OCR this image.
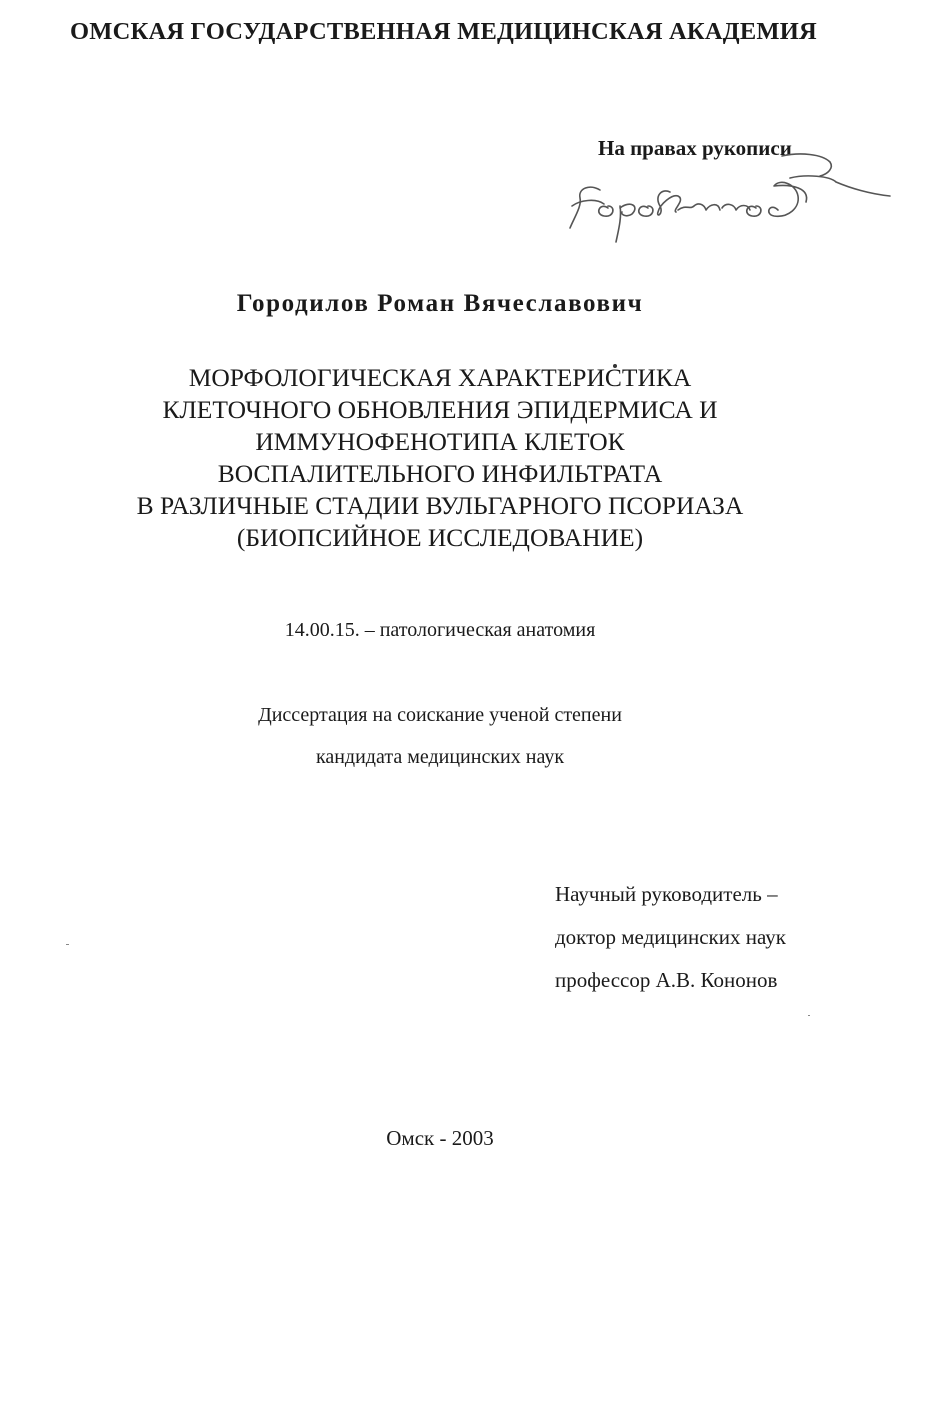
ОМСКАЯ ГОСУДАРСТВЕННАЯ МЕДИЦИНСКАЯ АКАДЕМИЯ
На правах рукописи
Городилов Роман Вячеславович
МОРФОЛОГИЧЕСКАЯ ХАРАКТЕРИСТИКА
КЛЕТОЧНОГО ОБНОВЛЕНИЯ ЭПИДЕРМИСА И
ИММУНОФЕНОТИПА КЛЕТОК
ВОСПАЛИТЕЛЬНОГО ИНФИЛЬТРАТА
В РАЗЛИЧНЫЕ СТАДИИ ВУЛЬГАРНОГО ПСОРИАЗА
(БИОПСИЙНОЕ ИССЛЕДОВАНИЕ)
14.00.15. – патологическая анатомия
Диссертация на соискание ученой степени
кандидата медицинских наук
Научный руководитель –
доктор медицинских наук
профессор А.В. Кононов
Омск - 2003
